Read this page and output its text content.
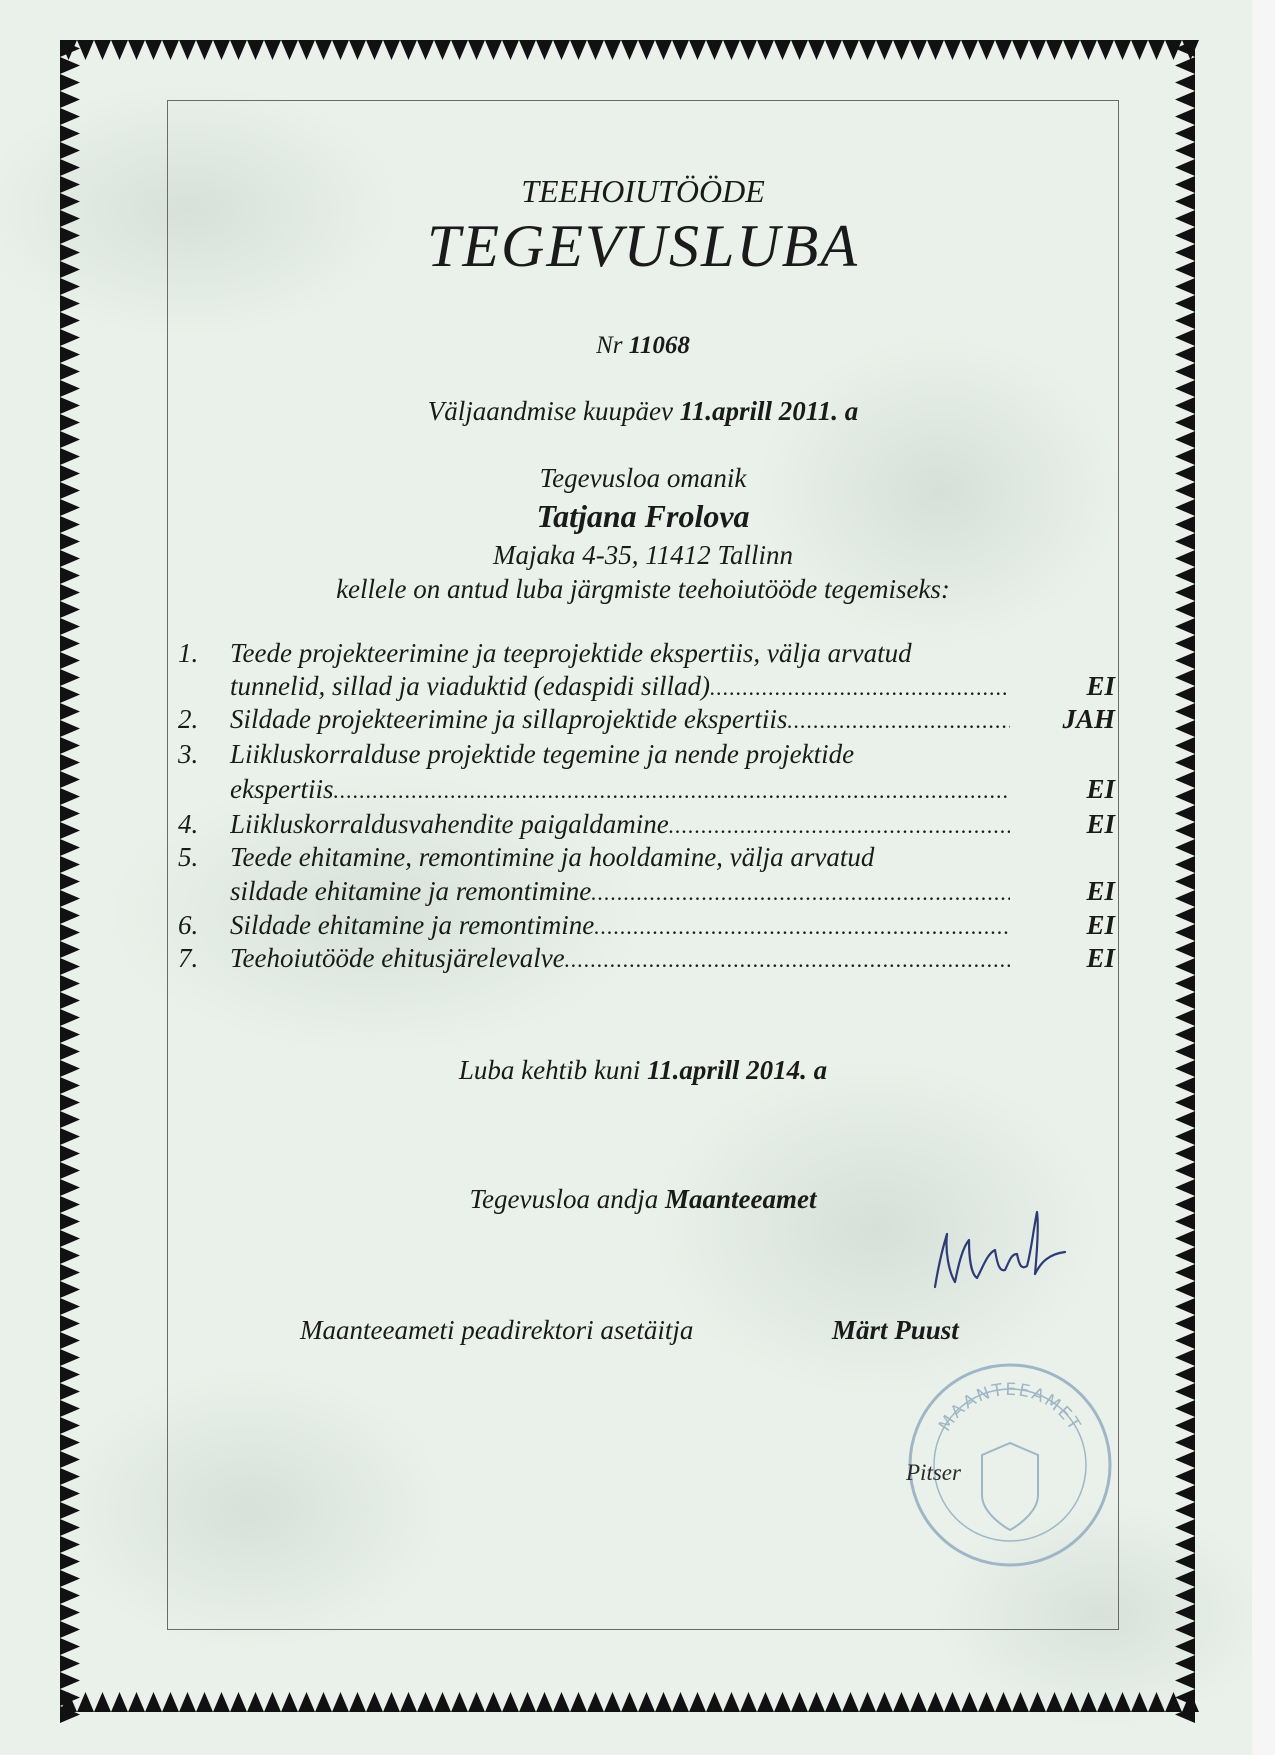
TEEHOIUTÖÖDE
TEGEVUSLUBA
Nr 11068
Väljaandmise kuupäev 11.aprill 2011. a
Tegevusloa omanik
Tatjana Frolova
Majaka 4-35, 11412 Tallinn
kellele on antud luba järgmiste teehoiutööde tegemiseks:
1.	Teede projekteerimine ja teeprojektide ekspertiis, välja arvatud
tunnelid, sillad ja viaduktid (edaspidi sillad) .....	EI
2.	Sildade projekteerimine ja sillaprojektide ekspertiis .....	JAH
3.	Liikluskorralduse projektide tegemine ja nende projektide
ekspertiis .....	EI
4.	Liikluskorraldusvahendite paigaldamine .....	EI
5.	Teede ehitamine, remontimine ja hooldamine, välja arvatud
sildade ehitamine ja remontimine .....	EI
6.	Sildade ehitamine ja remontimine .....	EI
7.	Teehoiutööde ehitusjärelevalve .....	EI
Luba kehtib kuni 11.aprill 2014. a
Tegevusloa andja Maanteeamet
Maanteeameti peadirektori asetäitja	Märt Puust
MAANTEEAMET
Pitser
